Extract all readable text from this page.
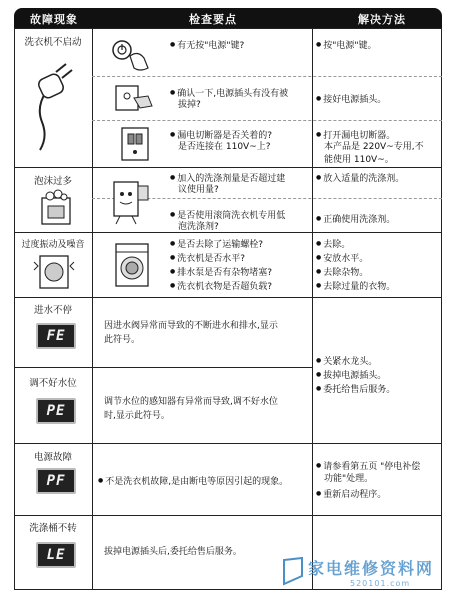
故障现象	检查要点	解决方法
洗衣机不启动
泡沫过多
过度振动及噪音
进水不停
调不好水位
电源故障
洗涤桶不转
FE
PE
PF
LE
● 有无按"电源"键?
● 确认一下,电源插头有没有被
拔掉?
● 漏电切断器是否关着的?
是否连接在 110V~上?
● 加入的洗涤剂量是否超过建
议使用量?
● 是否使用滚筒洗衣机专用低
泡洗涤剂?
● 是否去除了运输螺栓?
● 洗衣机是否水平?
● 排水泵是否有杂物堵塞?
● 洗衣机衣物是否超负载?
因进水阀异常而导致的不断进水和排水,显示
此符号。
调节水位的感知器有异常而导致,调不好水位
时,显示此符号。
● 不是洗衣机故障,是由断电等原因引起的现象。
拔掉电源插头后,委托给售后服务。
● 按"电源"键。
● 接好电源插头。
● 打开漏电切断器。
本产品是 220V~专用,不
能使用 110V~。
● 放入适量的洗涤剂。
● 正确使用洗涤剂。
● 去除。
● 安放水平。
● 去除杂物。
● 去除过量的衣物。
● 关紧水龙头。
● 拔掉电源插头。
● 委托给售后服务。
● 请参看第五页 "停电补偿
功能"处理。
● 重新启动程序。
家电维修资料网
520101.com
